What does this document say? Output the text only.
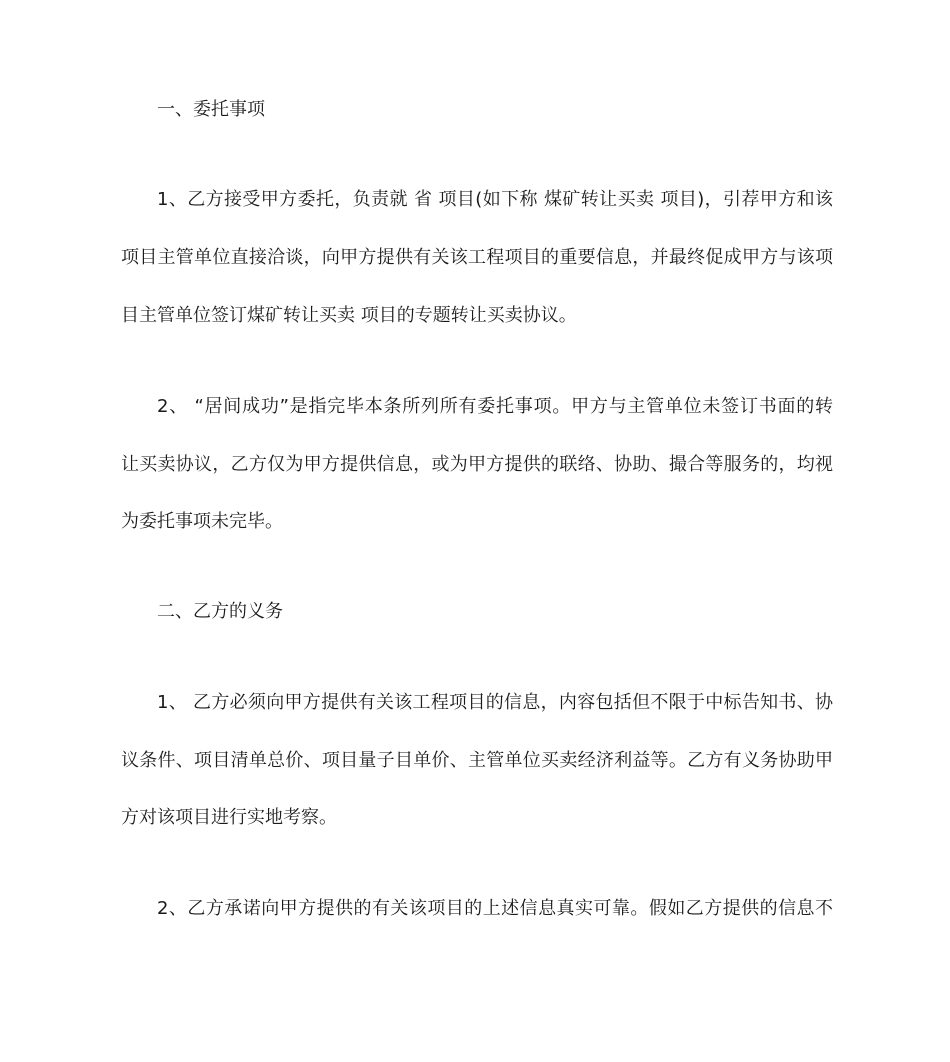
一、委托事项
1、乙方接受甲方委托，负责就 省 项目(如下称 煤矿转让买卖 项目)，引荐甲方和该
项目主管单位直接洽谈，向甲方提供有关该工程项目的重要信息，并最终促成甲方与该项
目主管单位签订煤矿转让买卖 项目的专题转让买卖协议。
2、 “居间成功”是指完毕本条所列所有委托事项。甲方与主管单位未签订书面的转
让买卖协议，乙方仅为甲方提供信息，或为甲方提供的联络、协助、撮合等服务的，均视
为委托事项未完毕。
二、乙方的义务
1、 乙方必须向甲方提供有关该工程项目的信息，内容包括但不限于中标告知书、协
议条件、项目清单总价、项目量子目单价、主管单位买卖经济利益等。乙方有义务协助甲
方对该项目进行实地考察。
2、乙方承诺向甲方提供的有关该项目的上述信息真实可靠。假如乙方提供的信息不
